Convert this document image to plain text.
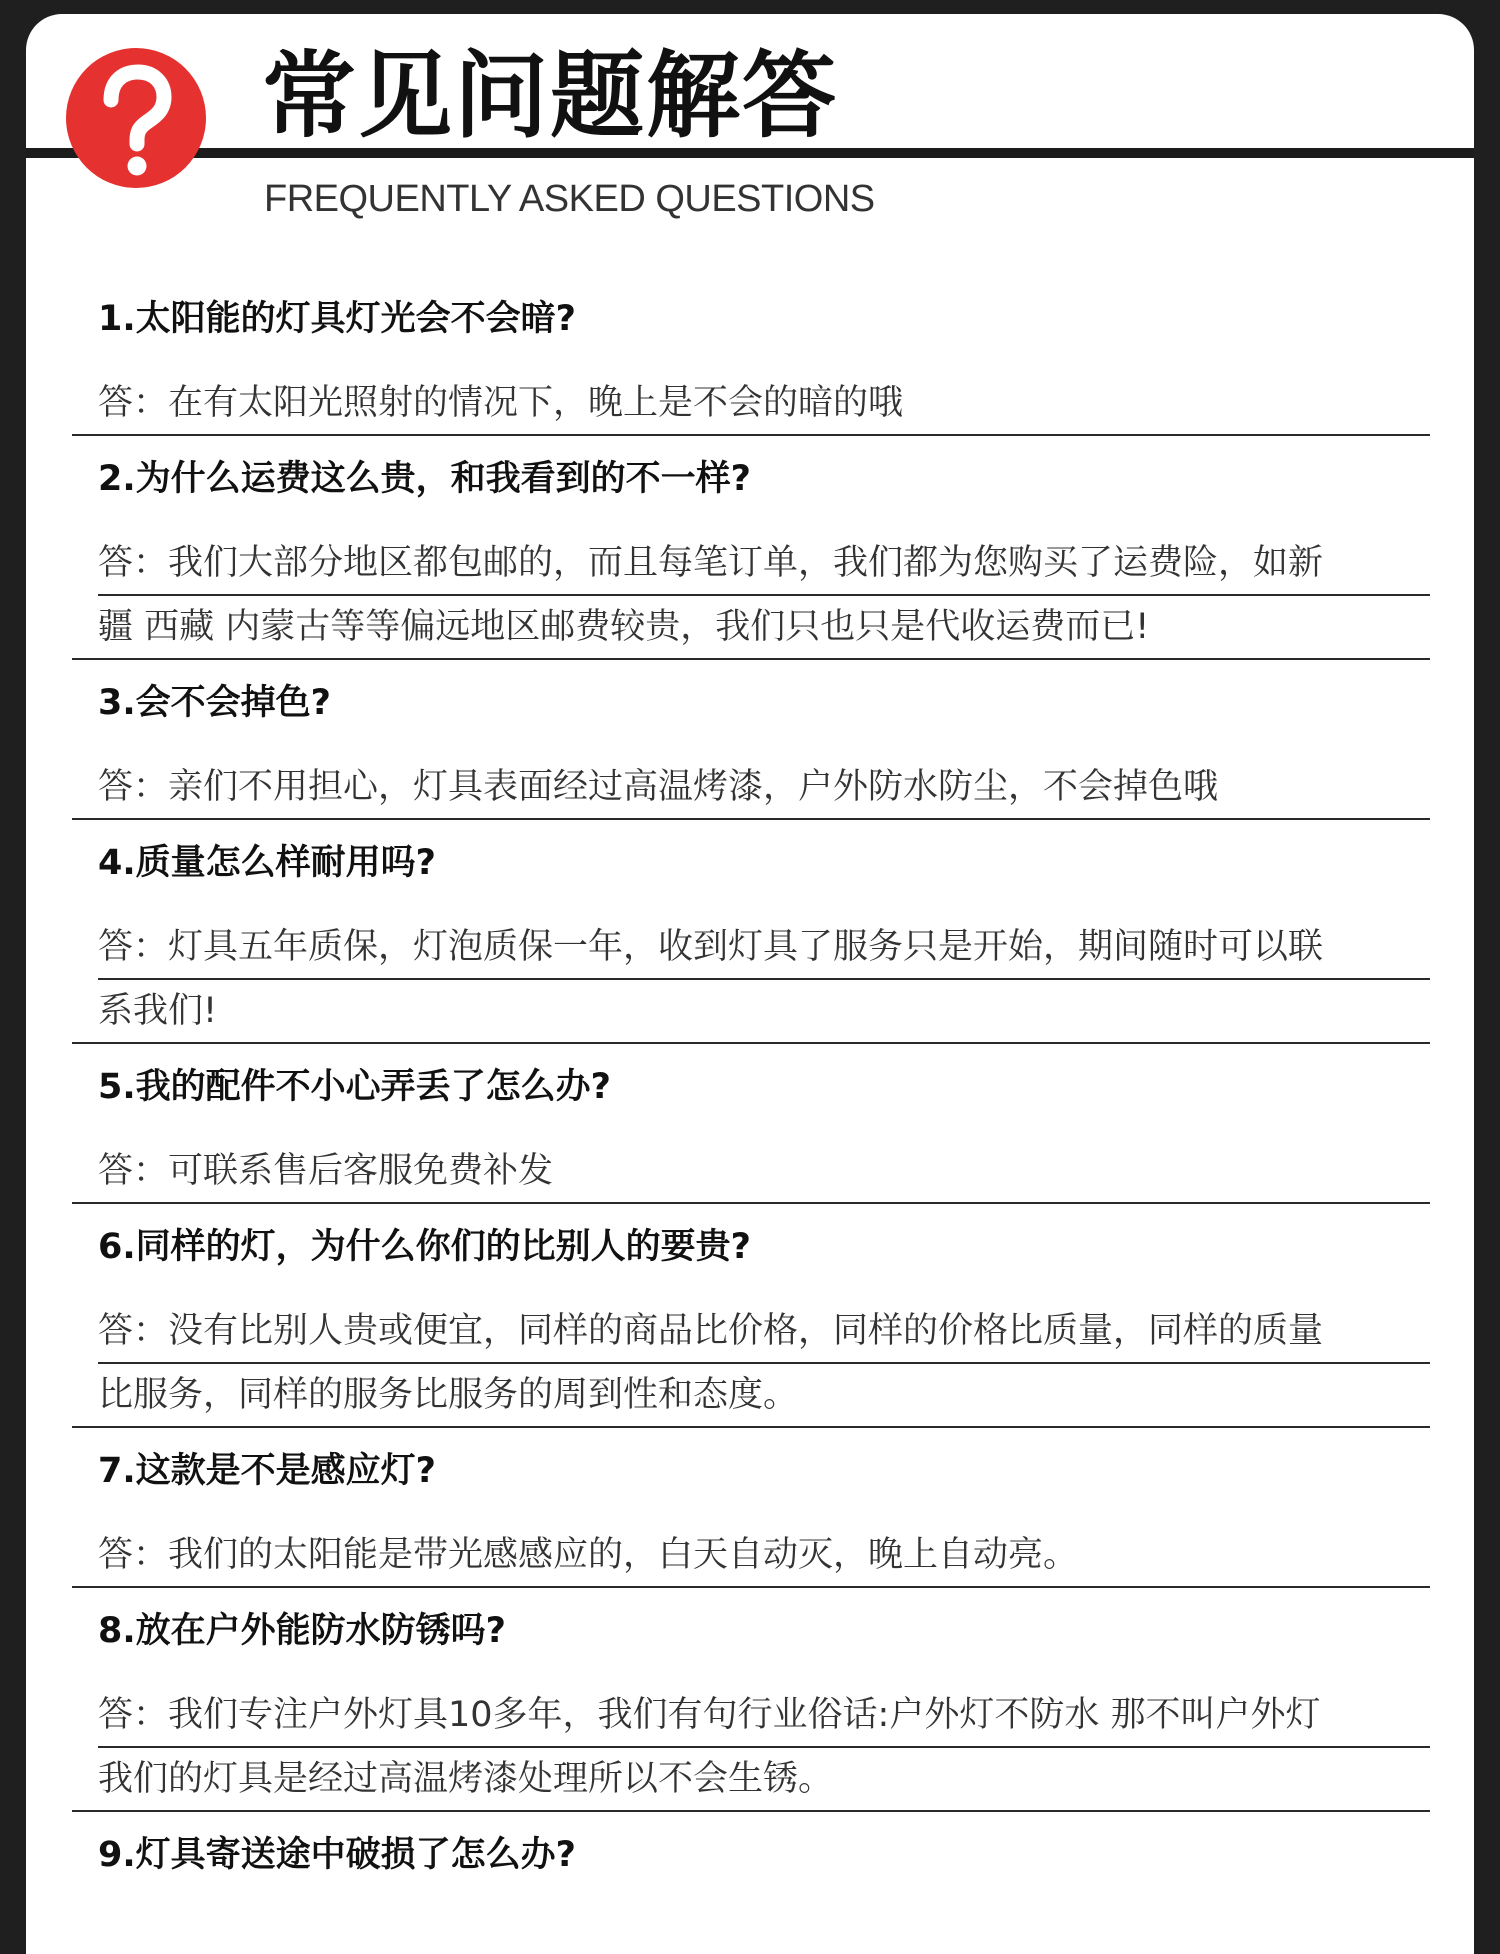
常见问题解答
FREQUENTLY ASKED QUESTIONS
1.太阳能的灯具灯光会不会暗?
答：在有太阳光照射的情况下，晚上是不会的暗的哦
2.为什么运费这么贵，和我看到的不一样?
答：我们大部分地区都包邮的，而且每笔订单，我们都为您购买了运费险，如新
疆 西藏 内蒙古等等偏远地区邮费较贵，我们只也只是代收运费而已!
3.会不会掉色?
答：亲们不用担心，灯具表面经过高温烤漆，户外防水防尘，不会掉色哦
4.质量怎么样耐用吗?
答：灯具五年质保，灯泡质保一年，收到灯具了服务只是开始，期间随时可以联
系我们!
5.我的配件不小心弄丢了怎么办?
答：可联系售后客服免费补发
6.同样的灯，为什么你们的比别人的要贵?
答：没有比别人贵或便宜，同样的商品比价格，同样的价格比质量，同样的质量
比服务，同样的服务比服务的周到性和态度。
7.这款是不是感应灯?
答：我们的太阳能是带光感感应的，白天自动灭，晚上自动亮。
8.放在户外能防水防锈吗?
答：我们专注户外灯具10多年，我们有句行业俗话:户外灯不防水 那不叫户外灯
我们的灯具是经过高温烤漆处理所以不会生锈。
9.灯具寄送途中破损了怎么办?
